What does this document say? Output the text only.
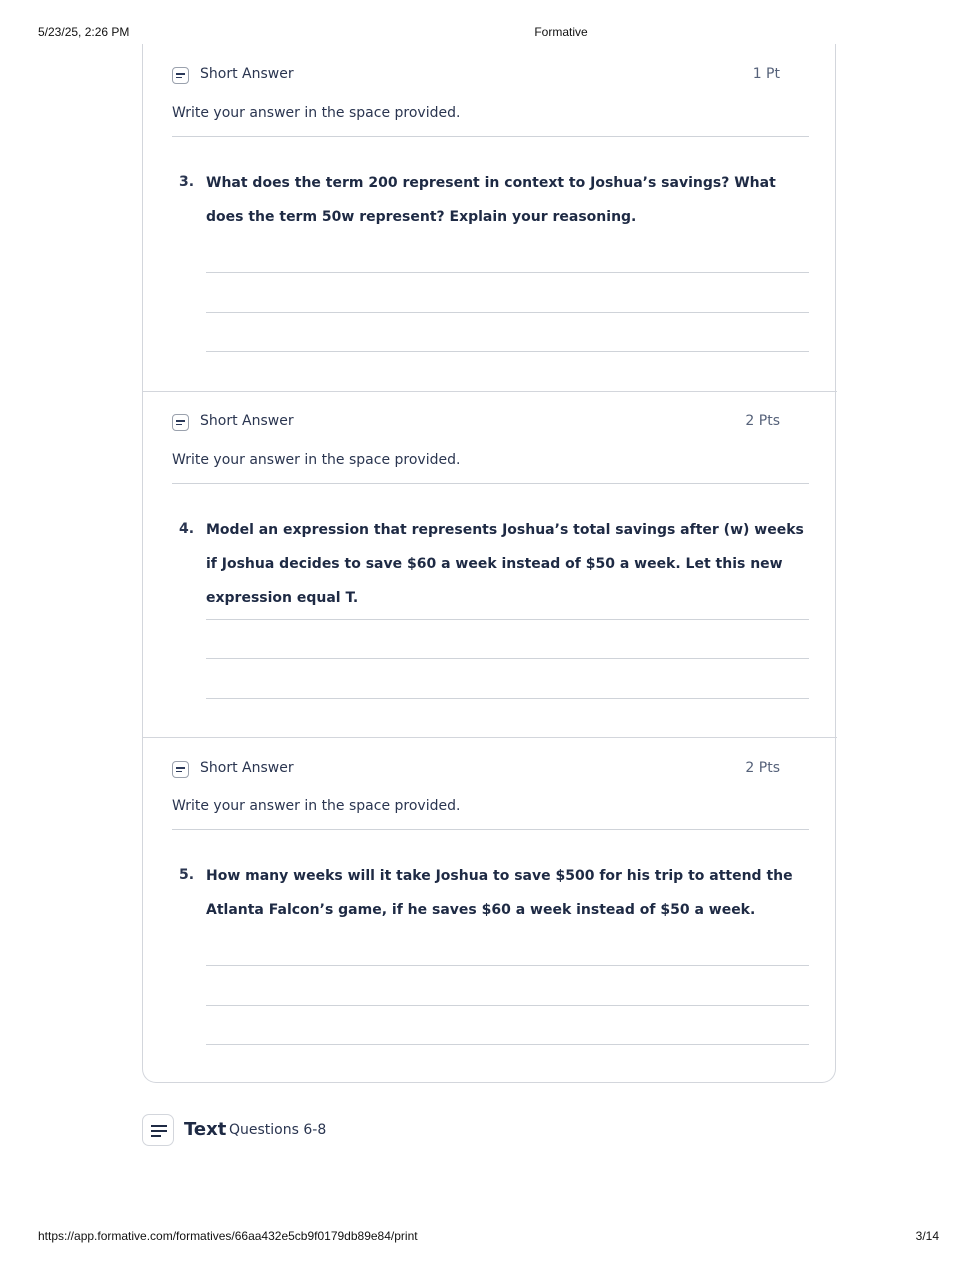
5/23/25, 2:26 PM	Formative
Short Answer	1 Pt
Write your answer in the space provided.
3. What does the term 200 represent in context to Joshua’s savings? What does the term 50w represent? Explain your reasoning.
Short Answer	2 Pts
Write your answer in the space provided.
4. Model an expression that represents Joshua’s total savings after (w) weeks if Joshua decides to save $60 a week instead of $50 a week. Let this new expression equal T.
Short Answer	2 Pts
Write your answer in the space provided.
5. How many weeks will it take Joshua to save $500 for his trip to attend the Atlanta Falcon’s game, if he saves $60 a week instead of $50 a week.
Text Questions 6-8
https://app.formative.com/formatives/66aa432e5cb9f0179db89e84/print	3/14
